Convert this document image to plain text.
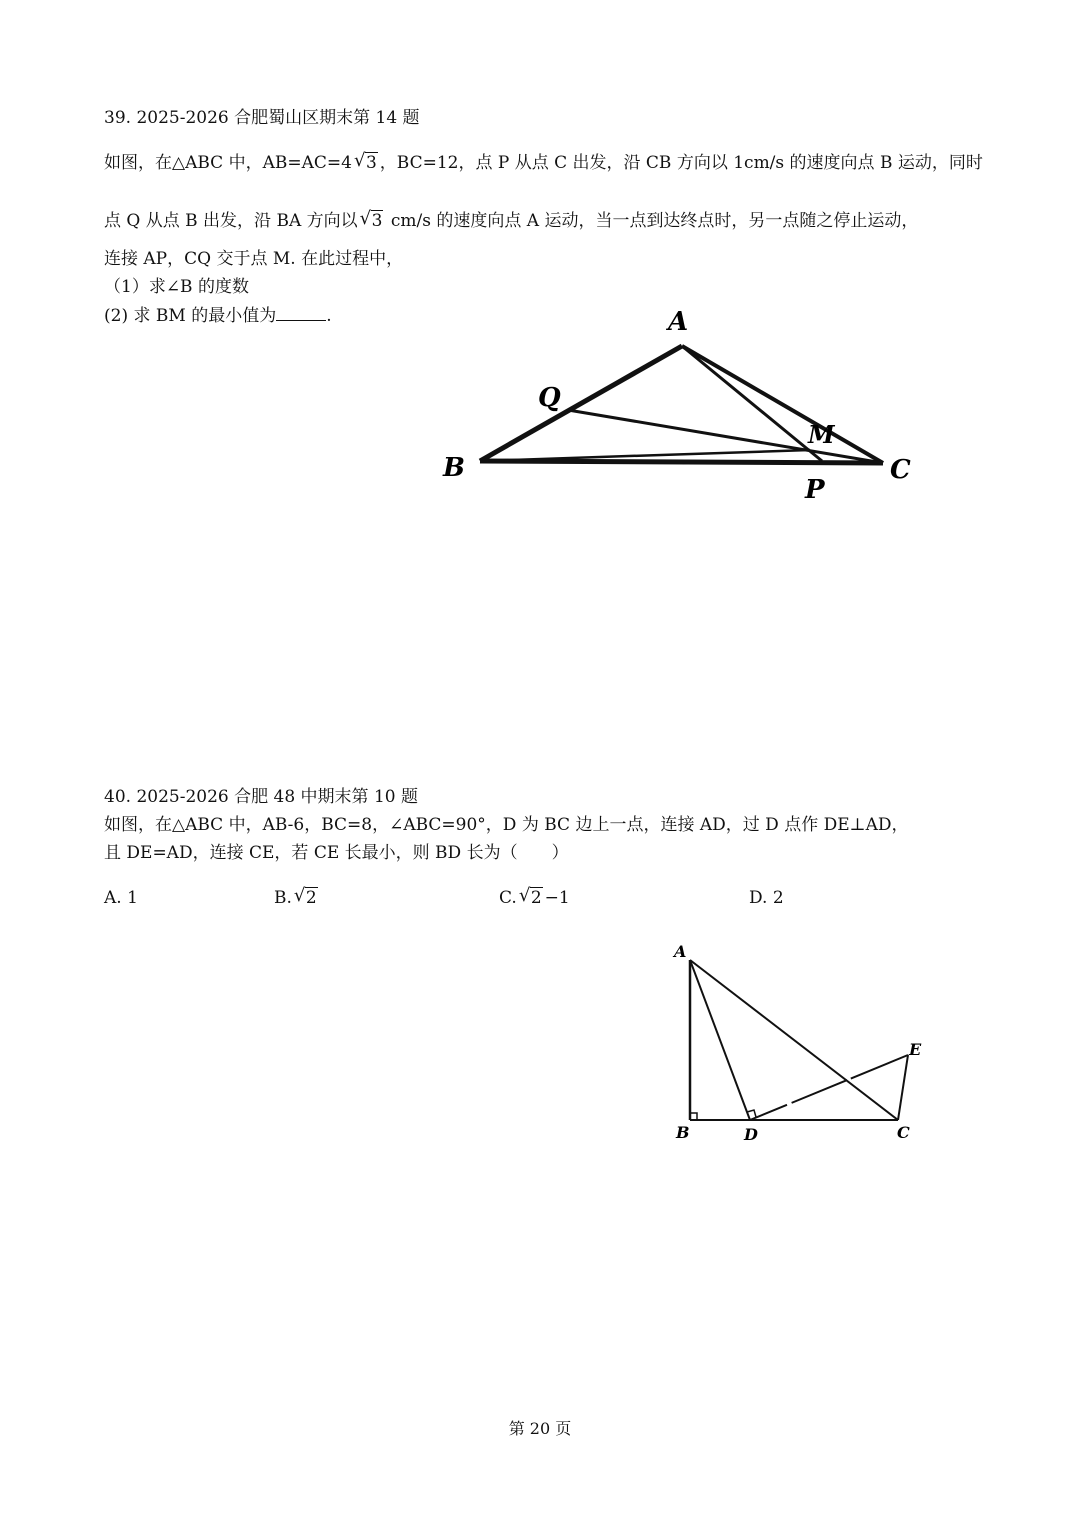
39. 2025-2026 合肥蜀山区期末第 14 题
如图，在△ABC 中，AB=AC=4 √ 3 ，BC=12，点 P 从点 C 出发，沿 CB 方向以 1cm/s 的速度向点 B 运动，同时
点 Q 从点 B 出发，沿 BA 方向以 √ 3 cm/s 的速度向点 A 运动，当一点到达终点时，另一点随之停止运动，
连接 AP，CQ 交于点 M. 在此过程中，
（1）求∠B 的度数
(2) 求 BM 的最小值为	.	A
Q
M
B	C
P
40. 2025-2026 合肥 48 中期末第 10 题
如图，在△ABC 中，AB-6，BC=8，∠ABC=90°，D 为 BC 边上一点，连接 AD，过 D 点作 DE⊥AD，
且 DE=AD，连接 CE，若 CE 长最小，则 BD 长为（　　）
A. 1	B. √ 2	C. √ 2 −1	D. 2
A
B	D	C
E
第 20 页
